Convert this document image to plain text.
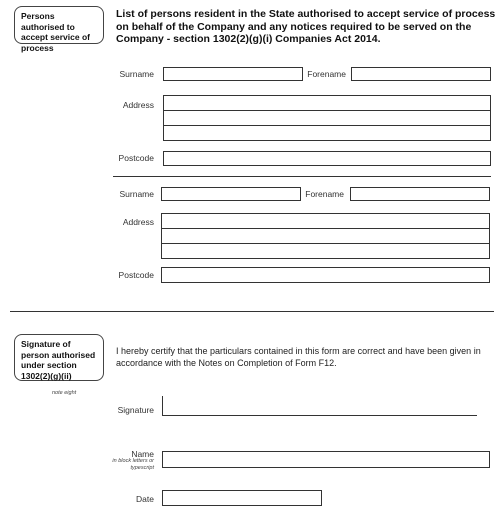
Persons authorised to accept service of process
List of persons resident in the State authorised to accept service of process on behalf of the Company and any notices required to be served on the Company - section 1302(2)(g)(i) Companies Act 2014.
Surname	Forename
Address
Postcode
Surname	Forename
Address
Postcode
Signature of person authorised under section 1302(2)(g)(ii)
note eight
I hereby certify that the particulars contained in this form are correct and have been given in accordance with the Notes on Completion of Form F12.
Signature
Name
in block letters or typescript
Date
